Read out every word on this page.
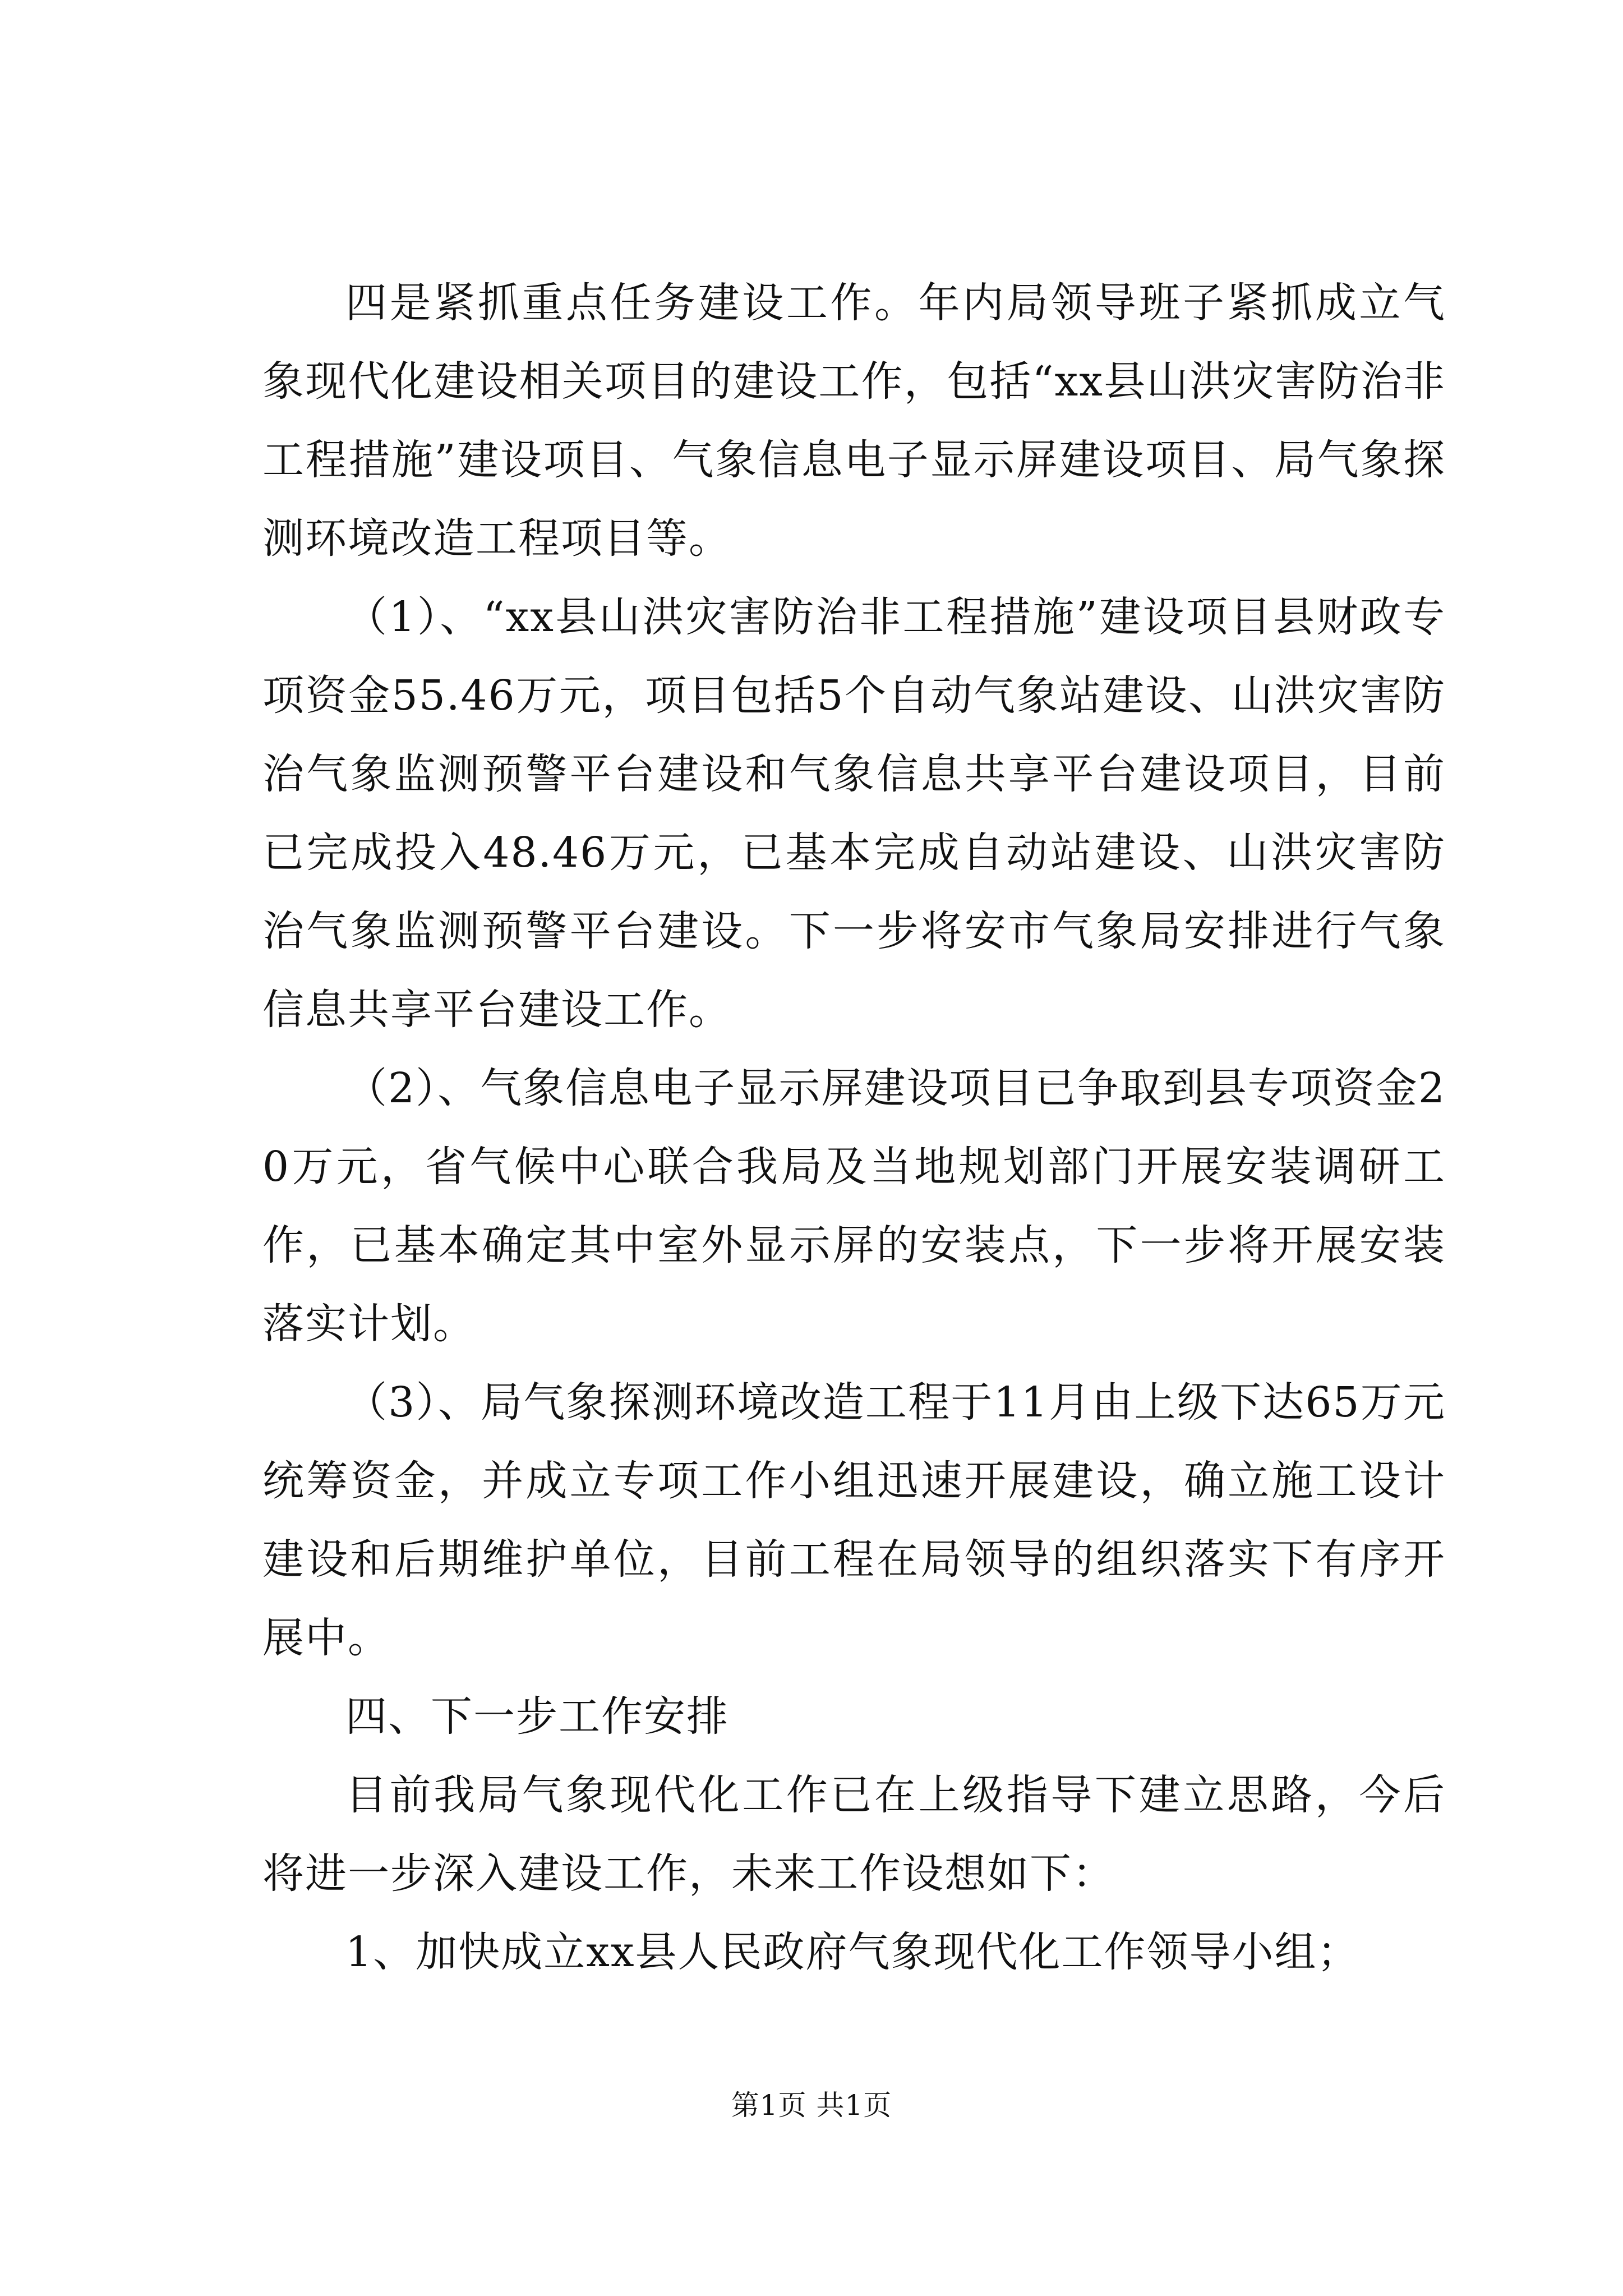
四是紧抓重点任务建设工作。年内局领导班子紧抓成立气象现代化建设相关项目的建设工作，包括“xx县山洪灾害防治非工程措施”建设项目、气象信息电子显示屏建设项目、局气象探测环境改造工程项目等。

（1）、“xx县山洪灾害防治非工程措施”建设项目县财政专项资金55.46万元，项目包括5个自动气象站建设、山洪灾害防治气象监测预警平台建设和气象信息共享平台建设项目，目前已完成投入48.46万元，已基本完成自动站建设、山洪灾害防治气象监测预警平台建设。下一步将安市气象局安排进行气象信息共享平台建设工作。

（2）、气象信息电子显示屏建设项目已争取到县专项资金20万元，省气候中心联合我局及当地规划部门开展安装调研工作，已基本确定其中室外显示屏的安装点，下一步将开展安装落实计划。

（3）、局气象探测环境改造工程于11月由上级下达65万元统筹资金，并成立专项工作小组迅速开展建设，确立施工设计建设和后期维护单位，目前工程在局领导的组织落实下有序开展中。

四、下一步工作安排

目前我局气象现代化工作已在上级指导下建立思路，今后将进一步深入建设工作，未来工作设想如下：

1、加快成立xx县人民政府气象现代化工作领导小组；

第1页 共1页
